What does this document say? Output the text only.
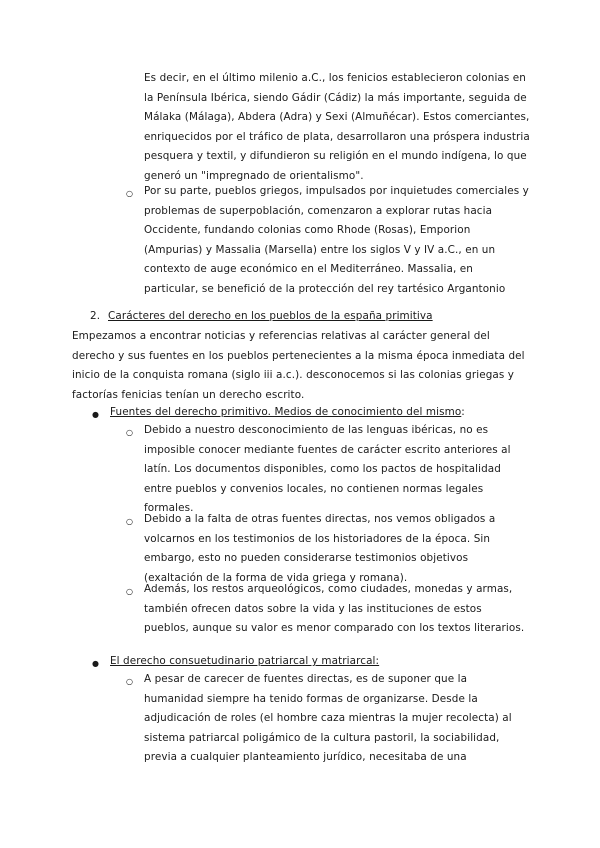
Es decir, en el último milenio a.C., los fenicios establecieron colonias en la Península Ibérica, siendo Gádir (Cádiz) la más importante, seguida de Málaka (Málaga), Abdera (Adra) y Sexi (Almuñécar). Estos comerciantes, enriquecidos por el tráfico de plata, desarrollaron una próspera industria pesquera y textil, y difundieron su religión en el mundo indígena, lo que generó un "impregnado de orientalismo".

○ Por su parte, pueblos griegos, impulsados por inquietudes comerciales y problemas de superpoblación, comenzaron a explorar rutas hacia Occidente, fundando colonias como Rhode (Rosas), Emporion (Ampurias) y Massalia (Marsella) entre los siglos V y IV a.C., en un contexto de auge económico en el Mediterráneo. Massalia, en particular, se benefició de la protección del rey tartésico Argantonio

2. Carácteres del derecho en los pueblos de la españa primitiva

Empezamos a encontrar noticias y referencias relativas al carácter general del derecho y sus fuentes en los pueblos pertenecientes a la misma época inmediata del inicio de la conquista romana (siglo iii a.c.). desconocemos si las colonias griegas y factorías fenicias tenían un derecho escrito.

● Fuentes del derecho primitivo. Medios de conocimiento del mismo:

○ Debido a nuestro desconocimiento de las lenguas ibéricas, no es imposible conocer mediante fuentes de carácter escrito anteriores al latín. Los documentos disponibles, como los pactos de hospitalidad entre pueblos y convenios locales, no contienen normas legales formales.

○ Debido a la falta de otras fuentes directas, nos vemos obligados a volcarnos en los testimonios de los historiadores de la época. Sin embargo, esto no pueden considerarse testimonios objetivos (exaltación de la forma de vida griega y romana).

○ Además, los restos arqueológicos, como ciudades, monedas y armas, también ofrecen datos sobre la vida y las instituciones de estos pueblos, aunque su valor es menor comparado con los textos literarios.

● El derecho consuetudinario patriarcal y matriarcal:

○ A pesar de carecer de fuentes directas, es de suponer que la humanidad siempre ha tenido formas de organizarse. Desde la adjudicación de roles (el hombre caza mientras la mujer recolecta) al sistema patriarcal poligámico de la cultura pastoril, la sociabilidad, previa a cualquier planteamiento jurídico, necesitaba de una
